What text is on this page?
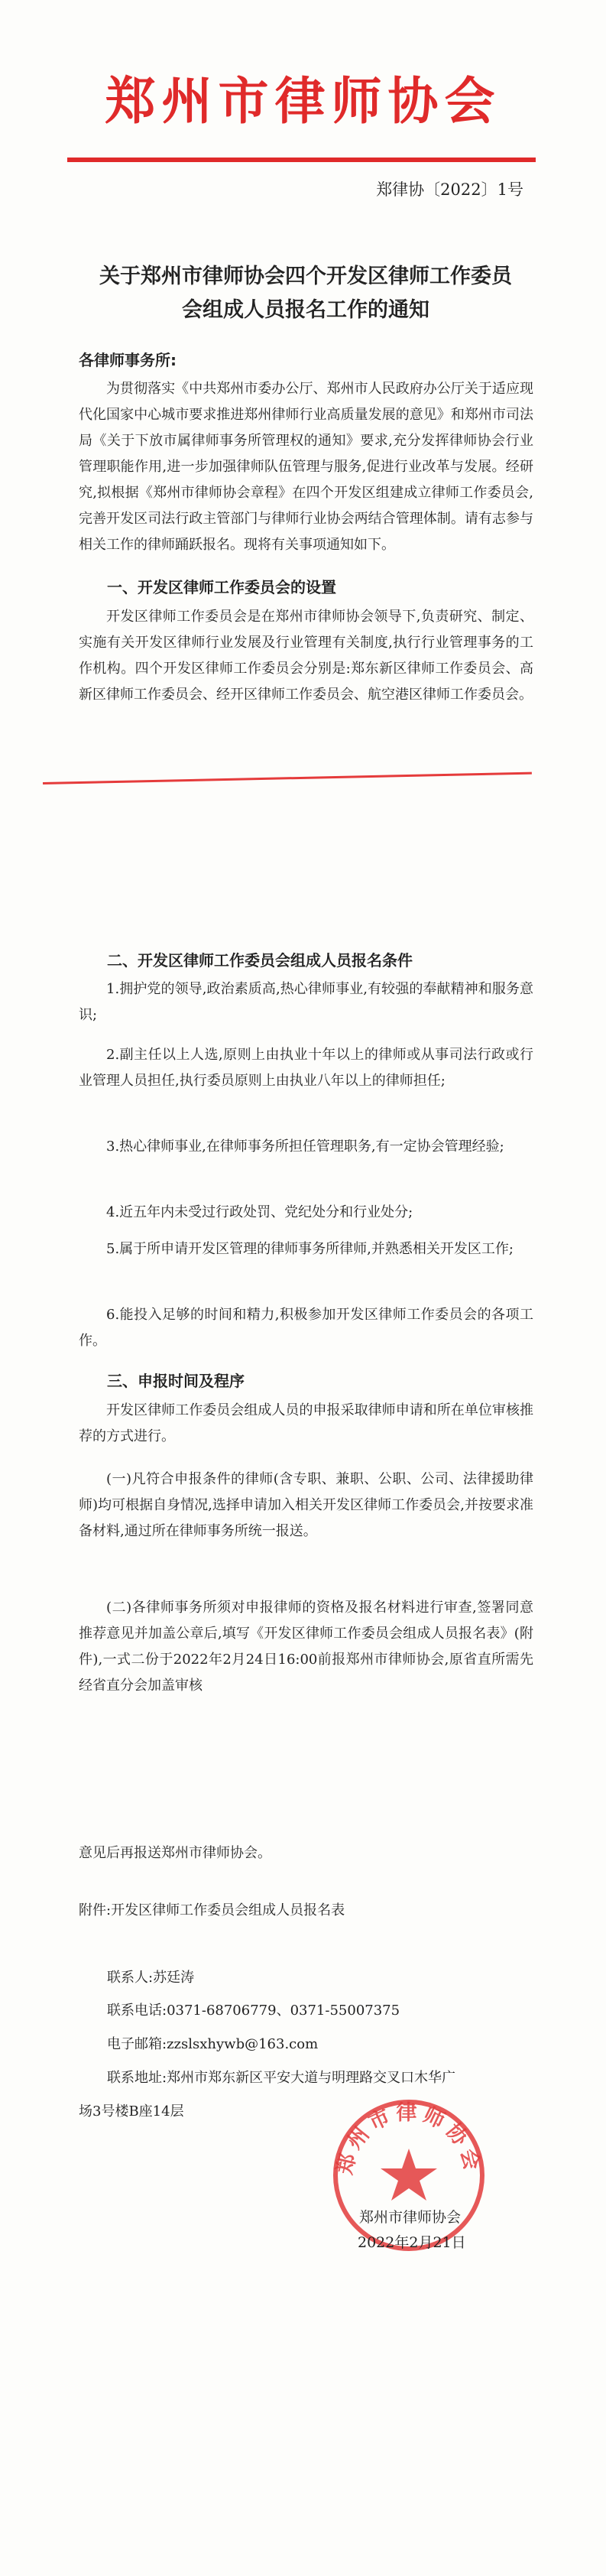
郑州市律师协会
郑律协〔2022〕1号
关于郑州市律师协会四个开发区律师工作委员
会组成人员报名工作的通知
各律师事务所:

为贯彻落实《中共郑州市委办公厅、郑州市人民政府办公厅关于适应现代化国家中心城市要求推进郑州律师行业高质量发展的意见》和郑州市司法局《关于下放市属律师事务所管理权的通知》要求,充分发挥律师协会行业管理职能作用,进一步加强律师队伍管理与服务,促进行业改革与发展。经研究,拟根据《郑州市律师协会章程》在四个开发区组建成立律师工作委员会,完善开发区司法行政主管部门与律师行业协会两结合管理体制。请有志参与相关工作的律师踊跃报名。现将有关事项通知如下。

一、开发区律师工作委员会的设置

开发区律师工作委员会是在郑州市律师协会领导下,负责研究、制定、实施有关开发区律师行业发展及行业管理有关制度,执行行业管理事务的工作机构。四个开发区律师工作委员会分别是:郑东新区律师工作委员会、高新区律师工作委员会、经开区律师工作委员会、航空港区律师工作委员会。

二、开发区律师工作委员会组成人员报名条件

1.拥护党的领导,政治素质高,热心律师事业,有较强的奉献精神和服务意识;

2.副主任以上人选,原则上由执业十年以上的律师或从事司法行政或行业管理人员担任,执行委员原则上由执业八年以上的律师担任;

3.热心律师事业,在律师事务所担任管理职务,有一定协会管理经验;

4.近五年内未受过行政处罚、党纪处分和行业处分;

5.属于所申请开发区管理的律师事务所律师,并熟悉相关开发区工作;

6.能投入足够的时间和精力,积极参加开发区律师工作委员会的各项工作。

三、申报时间及程序

开发区律师工作委员会组成人员的申报采取律师申请和所在单位审核推荐的方式进行。

(一)凡符合申报条件的律师(含专职、兼职、公职、公司、法律援助律师)均可根据自身情况,选择申请加入相关开发区律师工作委员会,并按要求准备材料,通过所在律师事务所统一报送。

(二)各律师事务所须对申报律师的资格及报名材料进行审查,签署同意推荐意见并加盖公章后,填写《开发区律师工作委员会组成人员报名表》(附件),一式二份于2022年2月24日16:00前报郑州市律师协会,原省直所需先经省直分会加盖审核

意见后再报送郑州市律师协会。
附件:开发区律师工作委员会组成人员报名表
联系人:苏廷涛
联系电话:0371-68706779、0371-55007375
电子邮箱:zzslsxhywb@163.com
联系地址:郑州市郑东新区平安大道与明理路交叉口木华广
场3号楼B座14层
郑州市律师协会
郑州市律师协会
2022年2月21日
